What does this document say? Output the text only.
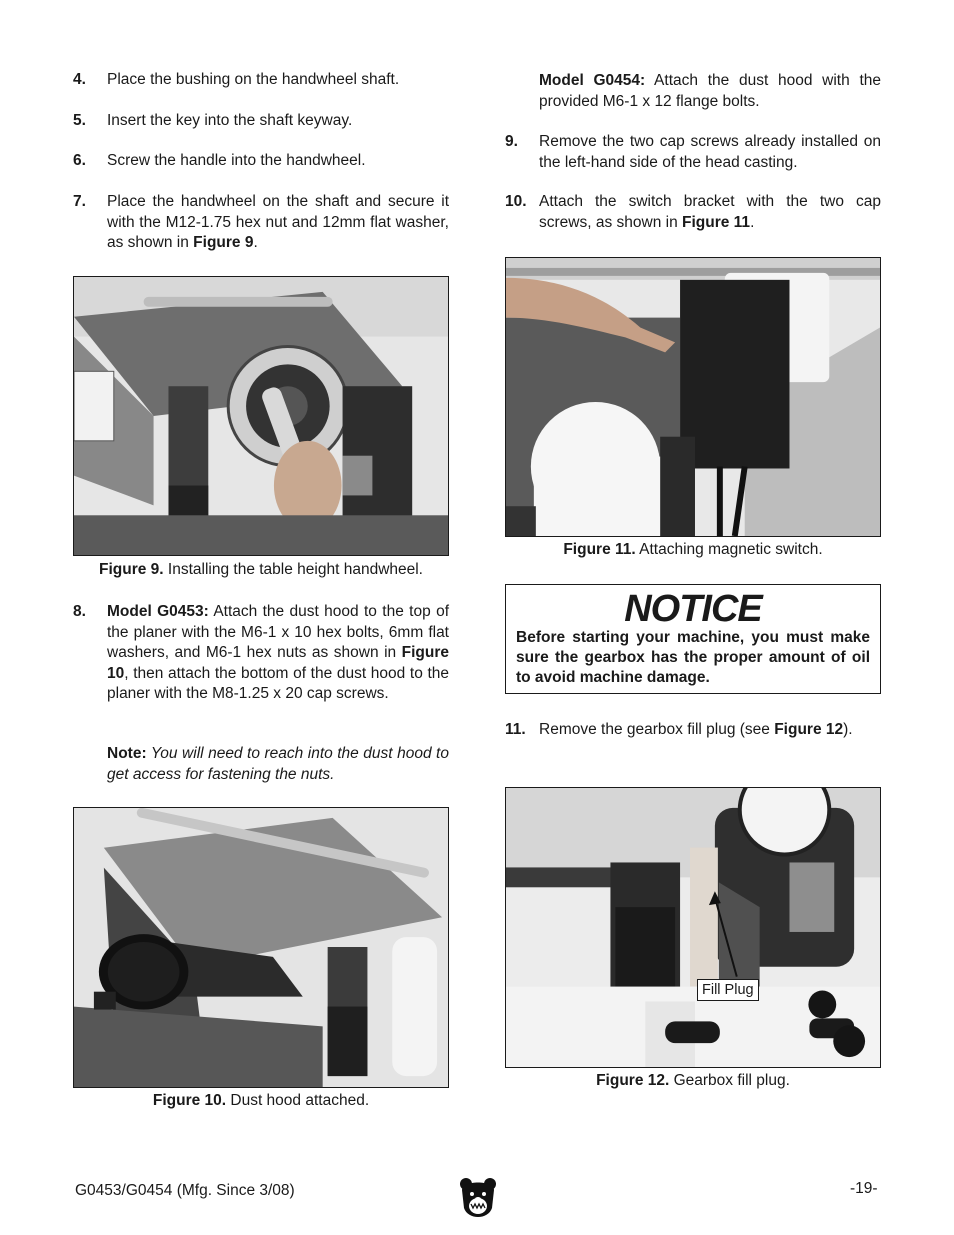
4. Place the bushing on the handwheel shaft.
5. Insert the key into the shaft keyway.
6. Screw the handle into the handwheel.
7. Place the handwheel on the shaft and secure it with the M12-1.75 hex nut and 12mm flat washer, as shown in Figure 9.
Figure 9. Installing the table height handwheel.
8. Model G0453: Attach the dust hood to the top of the planer with the M6-1 x 10 hex bolts, 6mm flat washers, and M6-1 hex nuts as shown in Figure 10, then attach the bottom of the dust hood to the planer with the M8-1.25 x 20 cap screws.
Note: You will need to reach into the dust hood to get access for fastening the nuts.
Figure 10. Dust hood attached.
Model G0454: Attach the dust hood with the provided M6-1 x 12 flange bolts.
9. Remove the two cap screws already installed on the left-hand side of the head casting.
10. Attach the switch bracket with the two cap screws, as shown in Figure 11.
Figure 11. Attaching magnetic switch.
NOTICE
Before starting your machine, you must make sure the gearbox has the proper amount of oil to avoid machine damage.
11. Remove the gearbox fill plug (see Figure 12).
Fill Plug
Figure 12. Gearbox fill plug.
G0453/G0454 (Mfg. Since 3/08)	-19-
